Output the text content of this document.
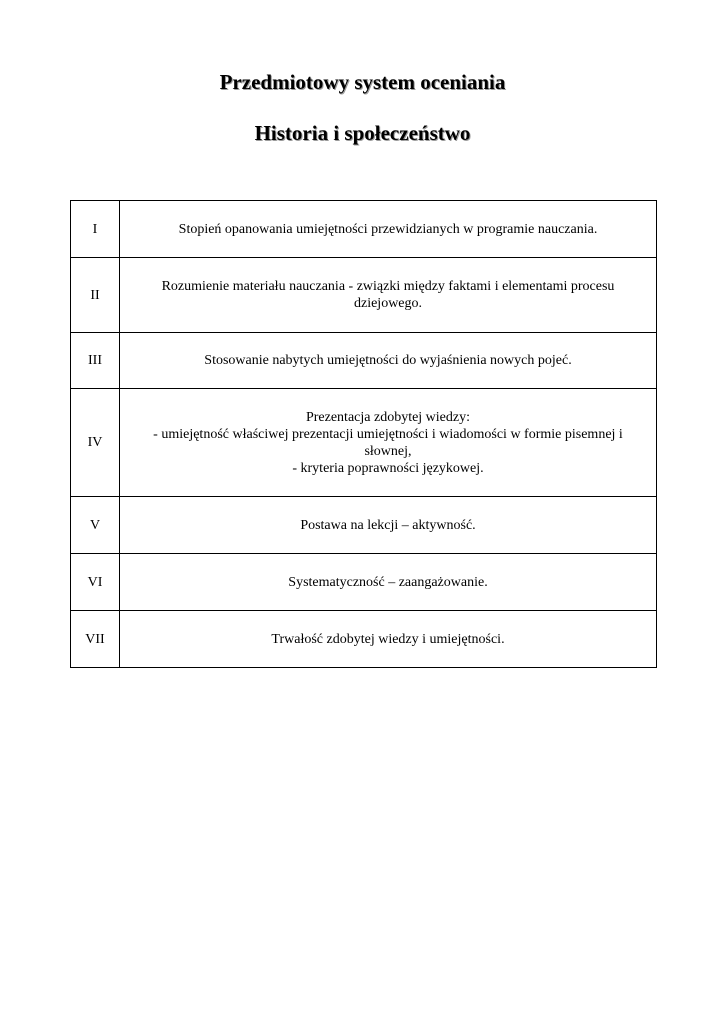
Przedmiotowy system oceniania
Historia i społeczeństwo
I	Stopień opanowania umiejętności przewidzianych w programie nauczania.

II	Rozumienie materiału nauczania - związki między faktami i elementami procesu dziejowego.

III	Stosowanie nabytych umiejętności do wyjaśnienia nowych pojeć.

IV	Prezentacja zdobytej wiedzy:
- umiejętność właściwej prezentacji umiejętności i wiadomości w formie pisemnej i słownej,
- kryteria poprawności językowej.

V	Postawa na lekcji – aktywność.

VI	Systematyczność – zaangażowanie.

VII	Trwałość zdobytej wiedzy i umiejętności.
